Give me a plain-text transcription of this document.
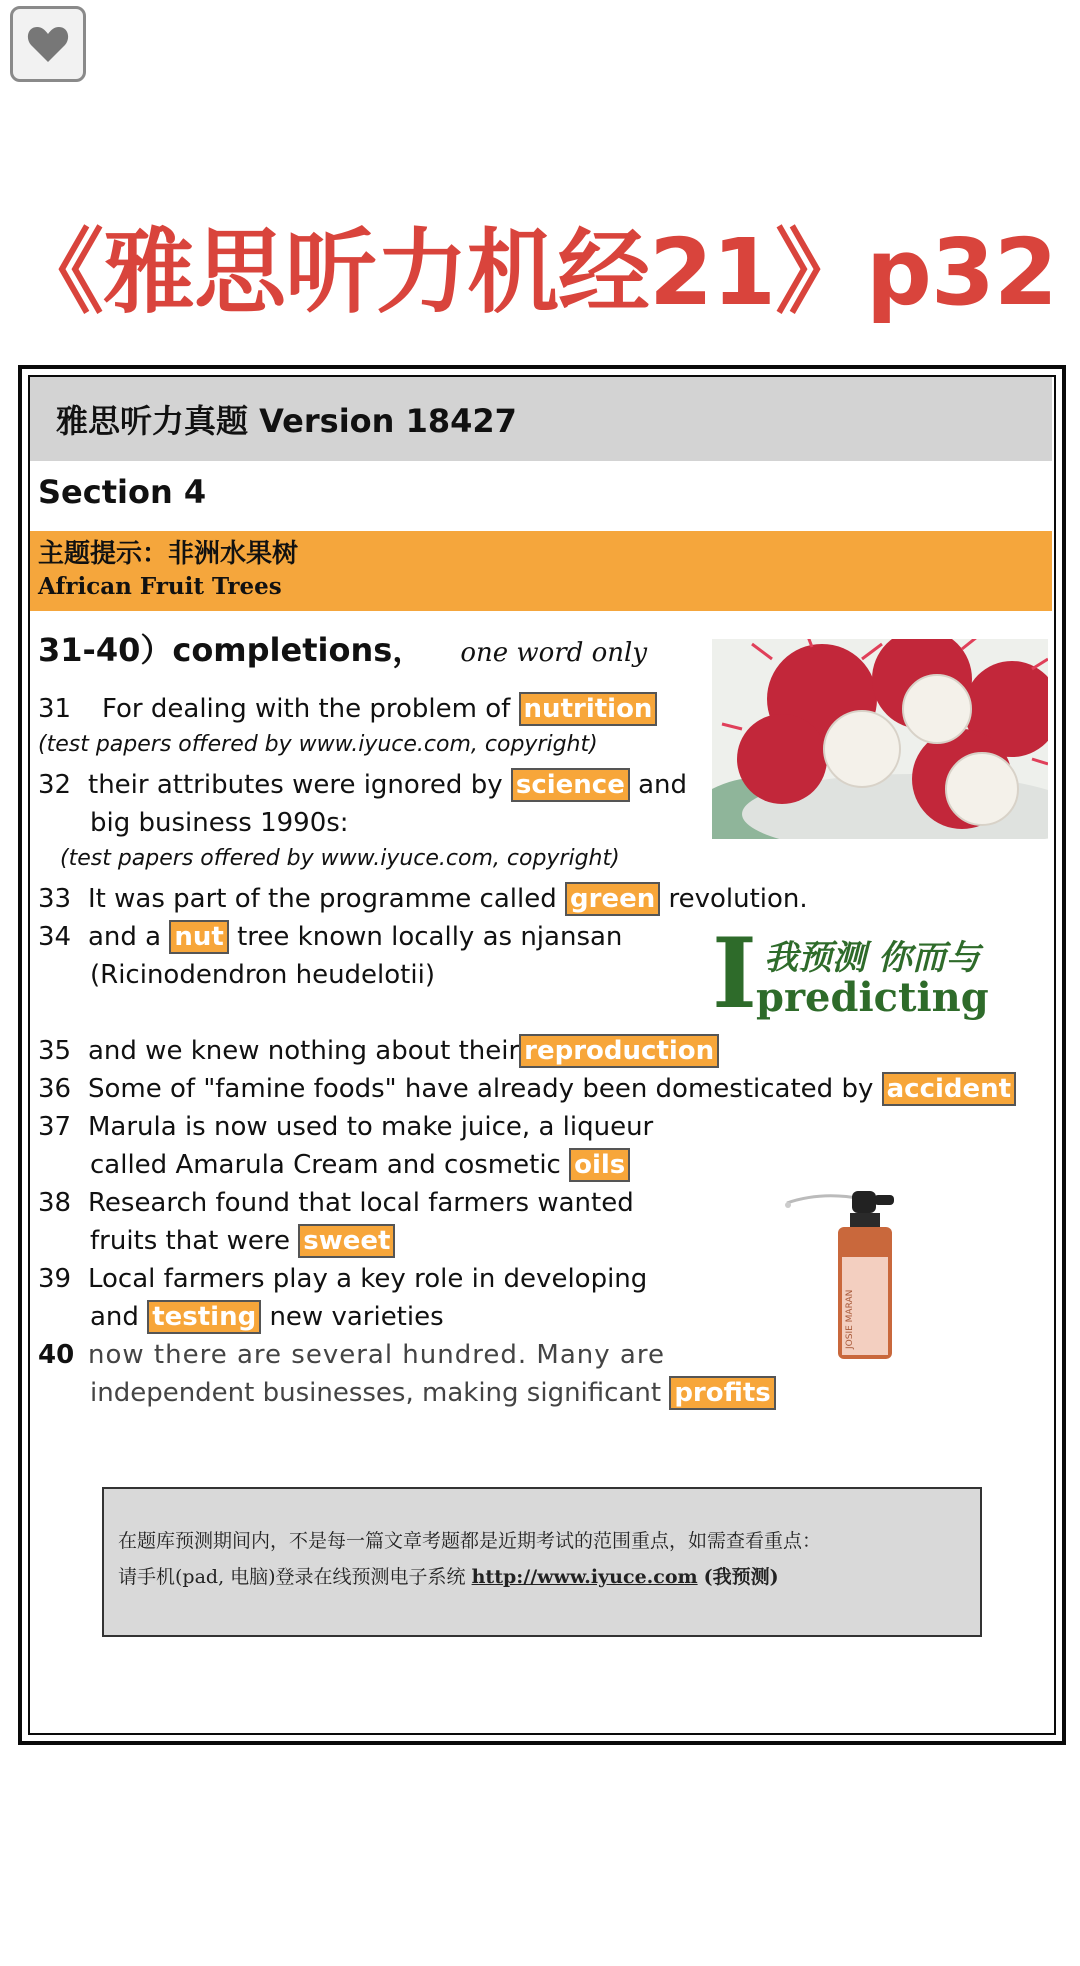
《雅思听力机经21》p32
雅思听力真题 Version 18427
Section 4
主题提示：非洲水果树
African Fruit Trees
31-40）completions， one word only
31 For dealing with the problem of nutrition
(test papers offered by www.iyuce.com, copyright)
32 their attributes were ignored by science and
big business 1990s:
(test papers offered by www.iyuce.com, copyright)
33 It was part of the programme called green revolution.
34 and a nut tree known locally as njansan
(Ricinodendron heudelotii)	I 我预测 你而与
predicting
35 and we knew nothing about their reproduction
36 Some of "famine foods" have already been domesticated by accident
37 Marula is now used to make juice, a liqueur
called Amarula Cream and cosmetic oils
JOSIE MARAN
38 Research found that local farmers wanted
fruits that were sweet
39 Local farmers play a key role in developing
and testing new varieties
40 now there are several hundred. Many are
independent businesses, making significant profits
在题库预测期间内，不是每一篇文章考题都是近期考试的范围重点，如需查看重点：
请手机(pad, 电脑)登录在线预测电子系统 http://www.iyuce.com (我预测)
